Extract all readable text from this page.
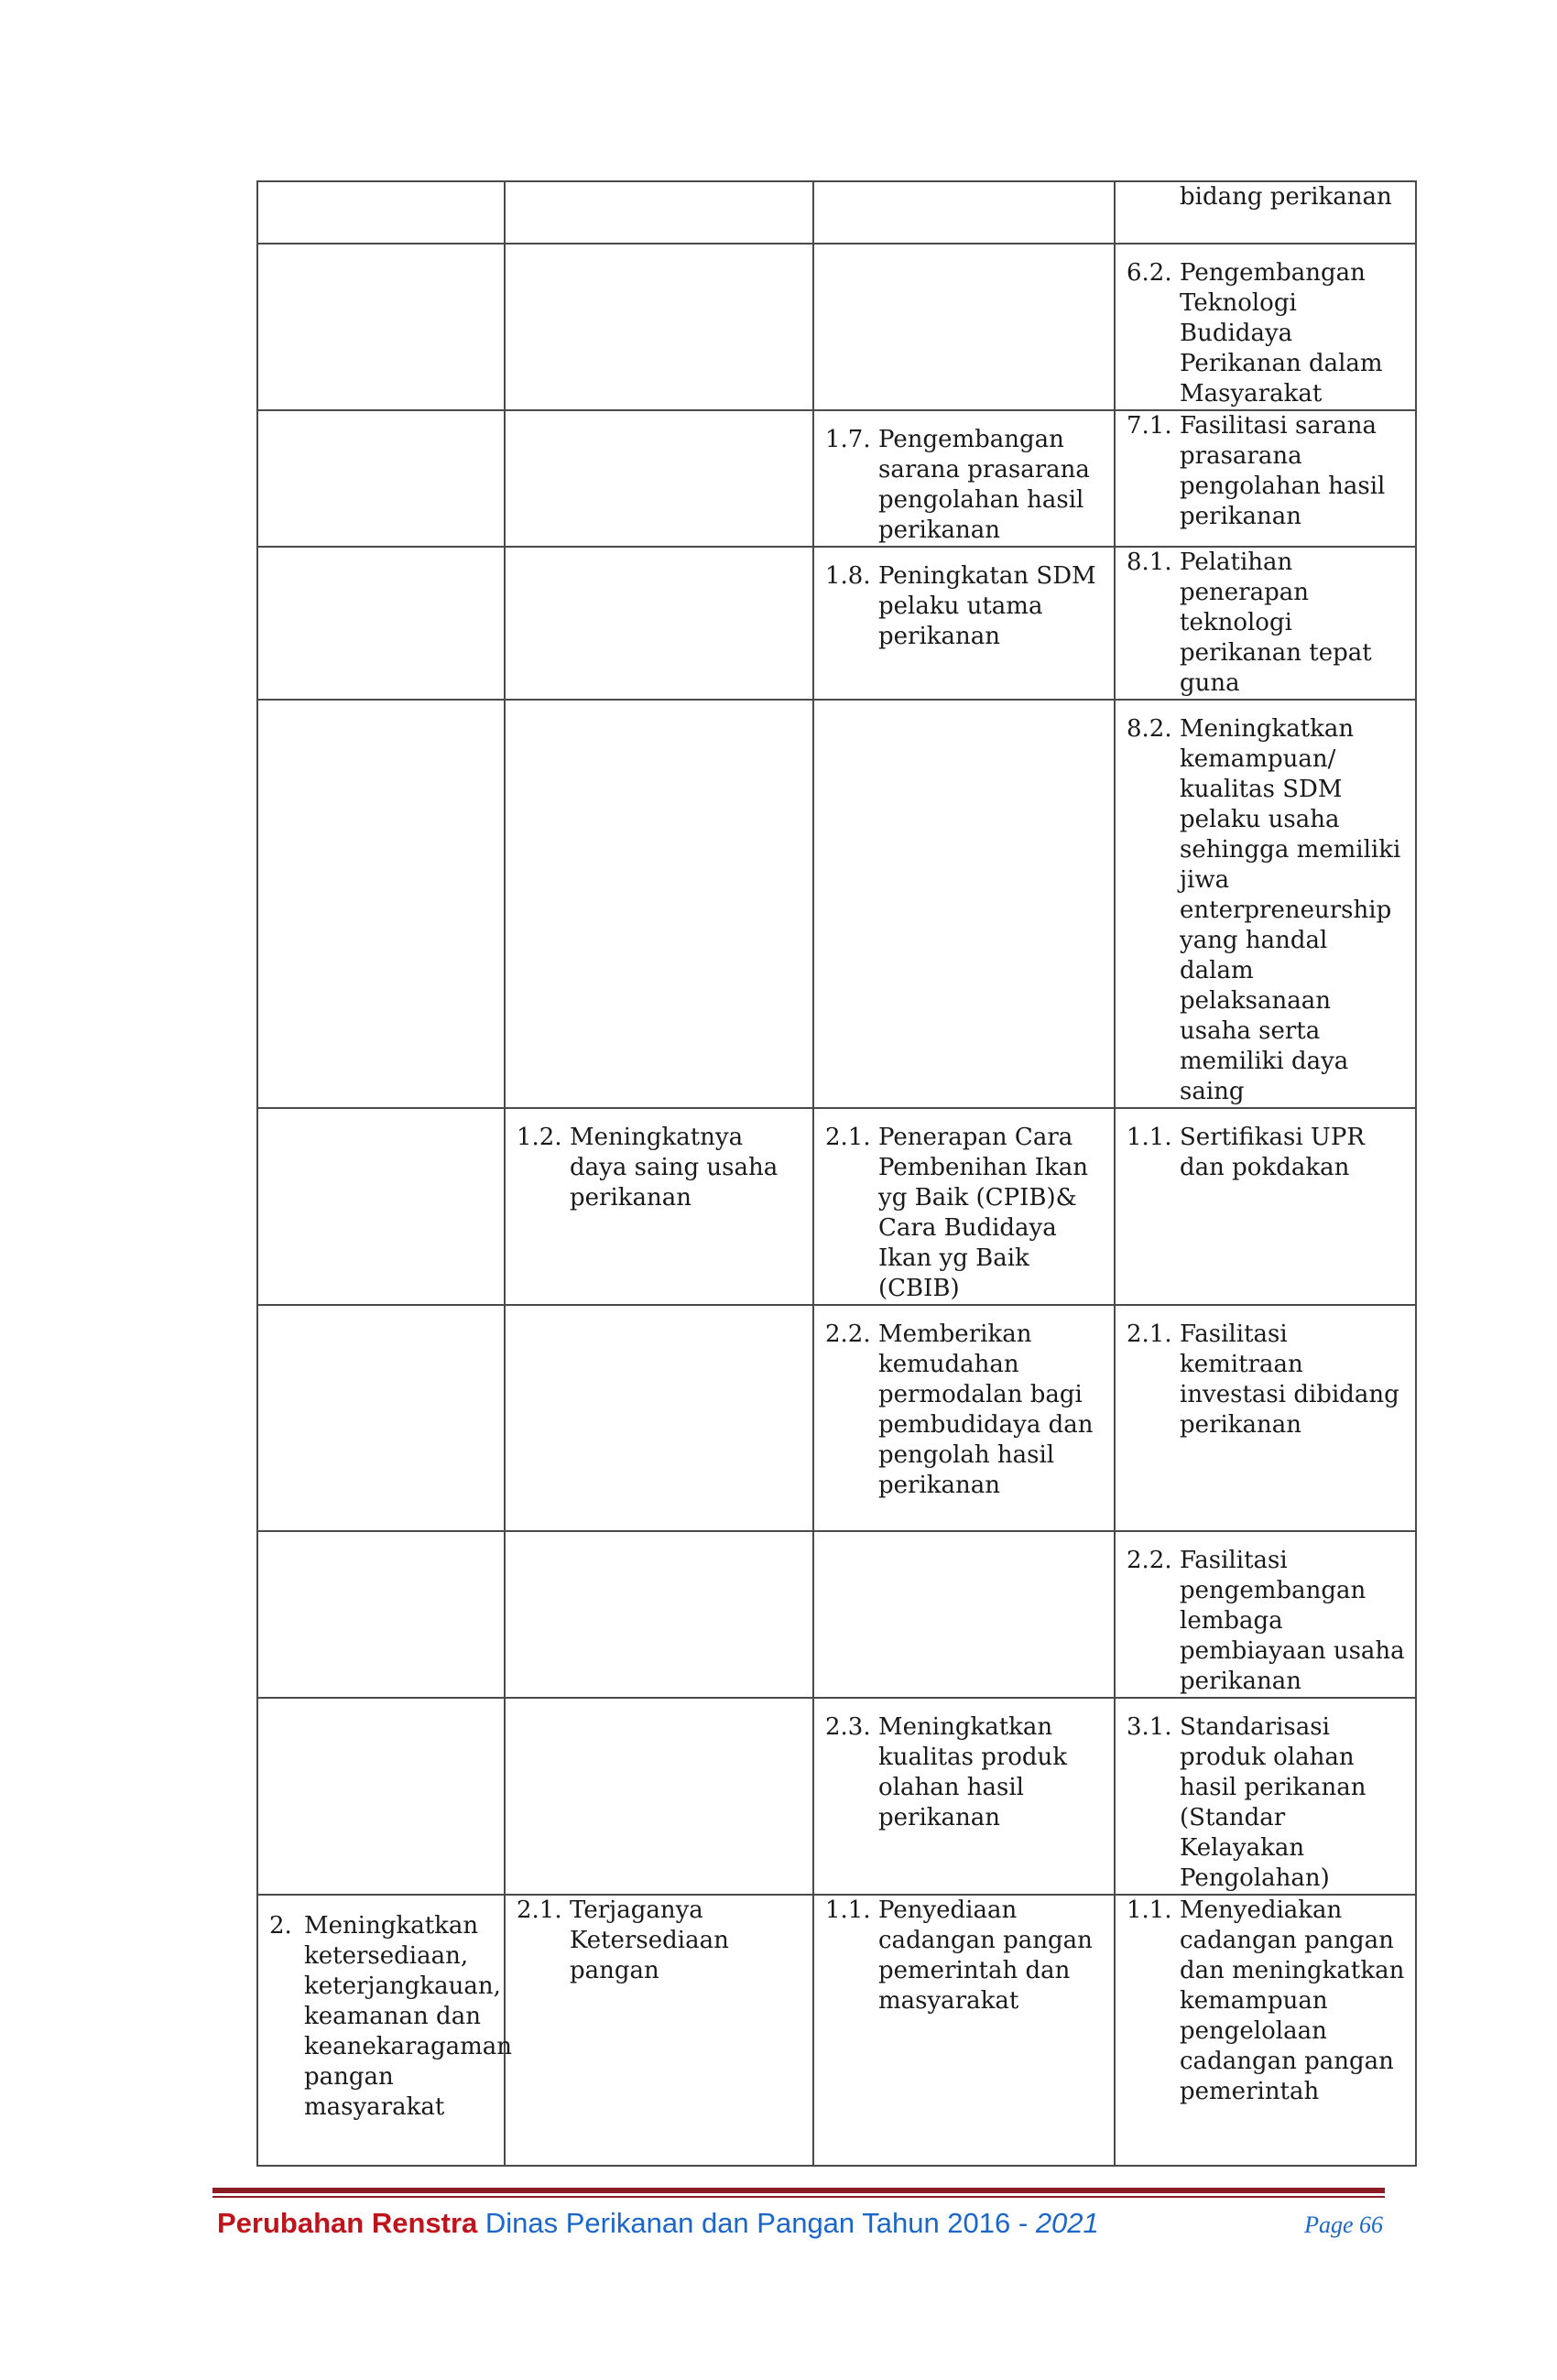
			bidang perikanan

			6.2. Pengembangan Teknologi Budidaya Perikanan dalam Masyarakat

		1.7. Pengembangan sarana prasarana pengolahan hasil perikanan	7.1. Fasilitasi sarana prasarana pengolahan hasil perikanan

		1.8. Peningkatan SDM pelaku utama perikanan	8.1. Pelatihan penerapan teknologi perikanan tepat guna

			8.2. Meningkatkan kemampuan/ kualitas SDM pelaku usaha sehingga memiliki jiwa enterpreneurship yang handal dalam pelaksanaan usaha serta memiliki daya saing

	1.2. Meningkatnya daya saing usaha perikanan	2.1. Penerapan Cara Pembenihan Ikan yg Baik (CPIB)& Cara Budidaya Ikan yg Baik (CBIB)	1.1. Sertifikasi UPR dan pokdakan

		2.2. Memberikan kemudahan permodalan bagi pembudidaya dan pengolah hasil perikanan	2.1. Fasilitasi kemitraan investasi dibidang perikanan

			2.2. Fasilitasi pengembangan lembaga pembiayaan usaha perikanan

		2.3. Meningkatkan kualitas produk olahan hasil perikanan	3.1. Standarisasi produk olahan hasil perikanan (Standar Kelayakan Pengolahan)

2. Meningkatkan ketersediaan, keterjangkauan, keamanan dan keanekaragaman pangan masyarakat	2.1. Terjaganya Ketersediaan pangan	1.1. Penyediaan cadangan pangan pemerintah dan masyarakat	1.1. Menyediakan cadangan pangan dan meningkatkan kemampuan pengelolaan cadangan pangan pemerintah
Perubahan Renstra Dinas Perikanan dan Pangan Tahun 2016 - 2021	Page 66
